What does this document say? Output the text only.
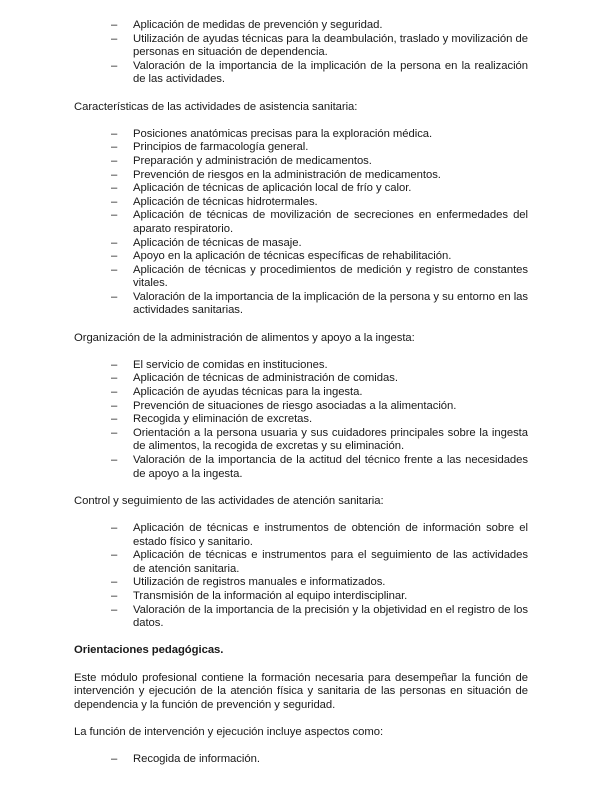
– Aplicación de medidas de prevención y seguridad.
– Utilización de ayudas técnicas para la deambulación, traslado y movilización de personas en situación de dependencia.
– Valoración de la importancia de la implicación de la persona en la realización de las actividades.
Características de las actividades de asistencia sanitaria:
– Posiciones anatómicas precisas para la exploración médica.
– Principios de farmacología general.
– Preparación y administración de medicamentos.
– Prevención de riesgos en la administración de medicamentos.
– Aplicación de técnicas de aplicación local de frío y calor.
– Aplicación de técnicas hidrotermales.
– Aplicación de técnicas de movilización de secreciones en enfermedades del aparato respiratorio.
– Aplicación de técnicas de masaje.
– Apoyo en la aplicación de técnicas específicas de rehabilitación.
– Aplicación de técnicas y procedimientos de medición y registro de constantes vitales.
– Valoración de la importancia de la implicación de la persona y su entorno en las actividades sanitarias.
Organización de la administración de alimentos y apoyo a la ingesta:
– El servicio de comidas en instituciones.
– Aplicación de técnicas de administración de comidas.
– Aplicación de ayudas técnicas para la ingesta.
– Prevención de situaciones de riesgo asociadas a la alimentación.
– Recogida y eliminación de excretas.
– Orientación a la persona usuaria y sus cuidadores principales sobre la ingesta de alimentos, la recogida de excretas y su eliminación.
– Valoración de la importancia de la actitud del técnico frente a las necesidades de apoyo a la ingesta.
Control y seguimiento de las actividades de atención sanitaria:
– Aplicación de técnicas e instrumentos de obtención de información sobre el estado físico y sanitario.
– Aplicación de técnicas e instrumentos para el seguimiento de las actividades de atención sanitaria.
– Utilización de registros manuales e informatizados.
– Transmisión de la información al equipo interdisciplinar.
– Valoración de la importancia de la precisión y la objetividad en el registro de los datos.
Orientaciones pedagógicas.
Este módulo profesional contiene la formación necesaria para desempeñar la función de intervención y ejecución de la atención física y sanitaria de las personas en situación de dependencia y la función de prevención y seguridad.
La función de intervención y ejecución incluye aspectos como:
– Recogida de información.
